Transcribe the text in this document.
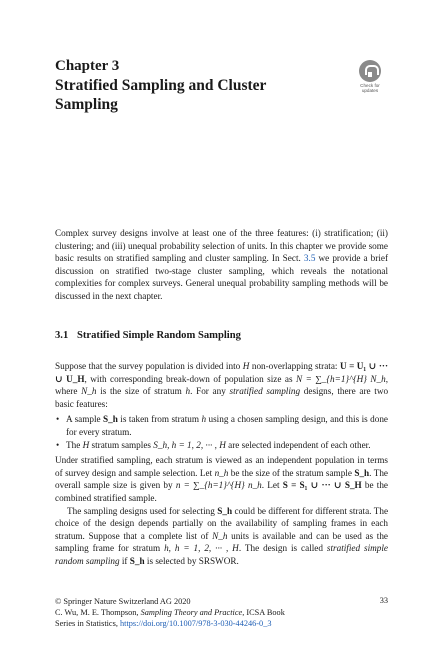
Chapter 3
Stratified Sampling and Cluster Sampling
Check for
updates
Complex survey designs involve at least one of the three features: (i) stratification; (ii) clustering; and (iii) unequal probability selection of units. In this chapter we provide some basic results on stratified sampling and cluster sampling. In Sect. 3.5 we provide a brief discussion on stratified two-stage cluster sampling, which reveals the notational complexities for complex surveys. General unequal probability sampling methods will be discussed in the next chapter.
3.1 Stratified Simple Random Sampling

Suppose that the survey population is divided into H non-overlapping strata: U = U₁ ∪ ··· ∪ U_H, with corresponding break-down of population size as N = ∑_{h=1}^{H} N_h, where N_h is the size of stratum h. For any stratified sampling designs, there are two basic features:

• A sample S_h is taken from stratum h using a chosen sampling design, and this is done for every stratum.
• The H stratum samples S_h, h = 1, 2, ··· , H are selected independent of each other.

Under stratified sampling, each stratum is viewed as an independent population in terms of survey design and sample selection. Let n_h be the size of the stratum sample S_h. The overall sample size is given by n = ∑_{h=1}^{H} n_h. Let S = S₁ ∪ ··· ∪ S_H be the combined stratified sample.

The sampling designs used for selecting S_h could be different for different strata. The choice of the design depends partially on the availability of sampling frames in each stratum. Suppose that a complete list of N_h units is available and can be used as the sampling frame for stratum h, h = 1, 2, ··· , H. The design is called stratified simple random sampling if S_h is selected by SRSWOR.

© Springer Nature Switzerland AG 2020
C. Wu, M. E. Thompson, Sampling Theory and Practice, ICSA Book
Series in Statistics, https://doi.org/10.1007/978-3-030-44246-0_3
33
